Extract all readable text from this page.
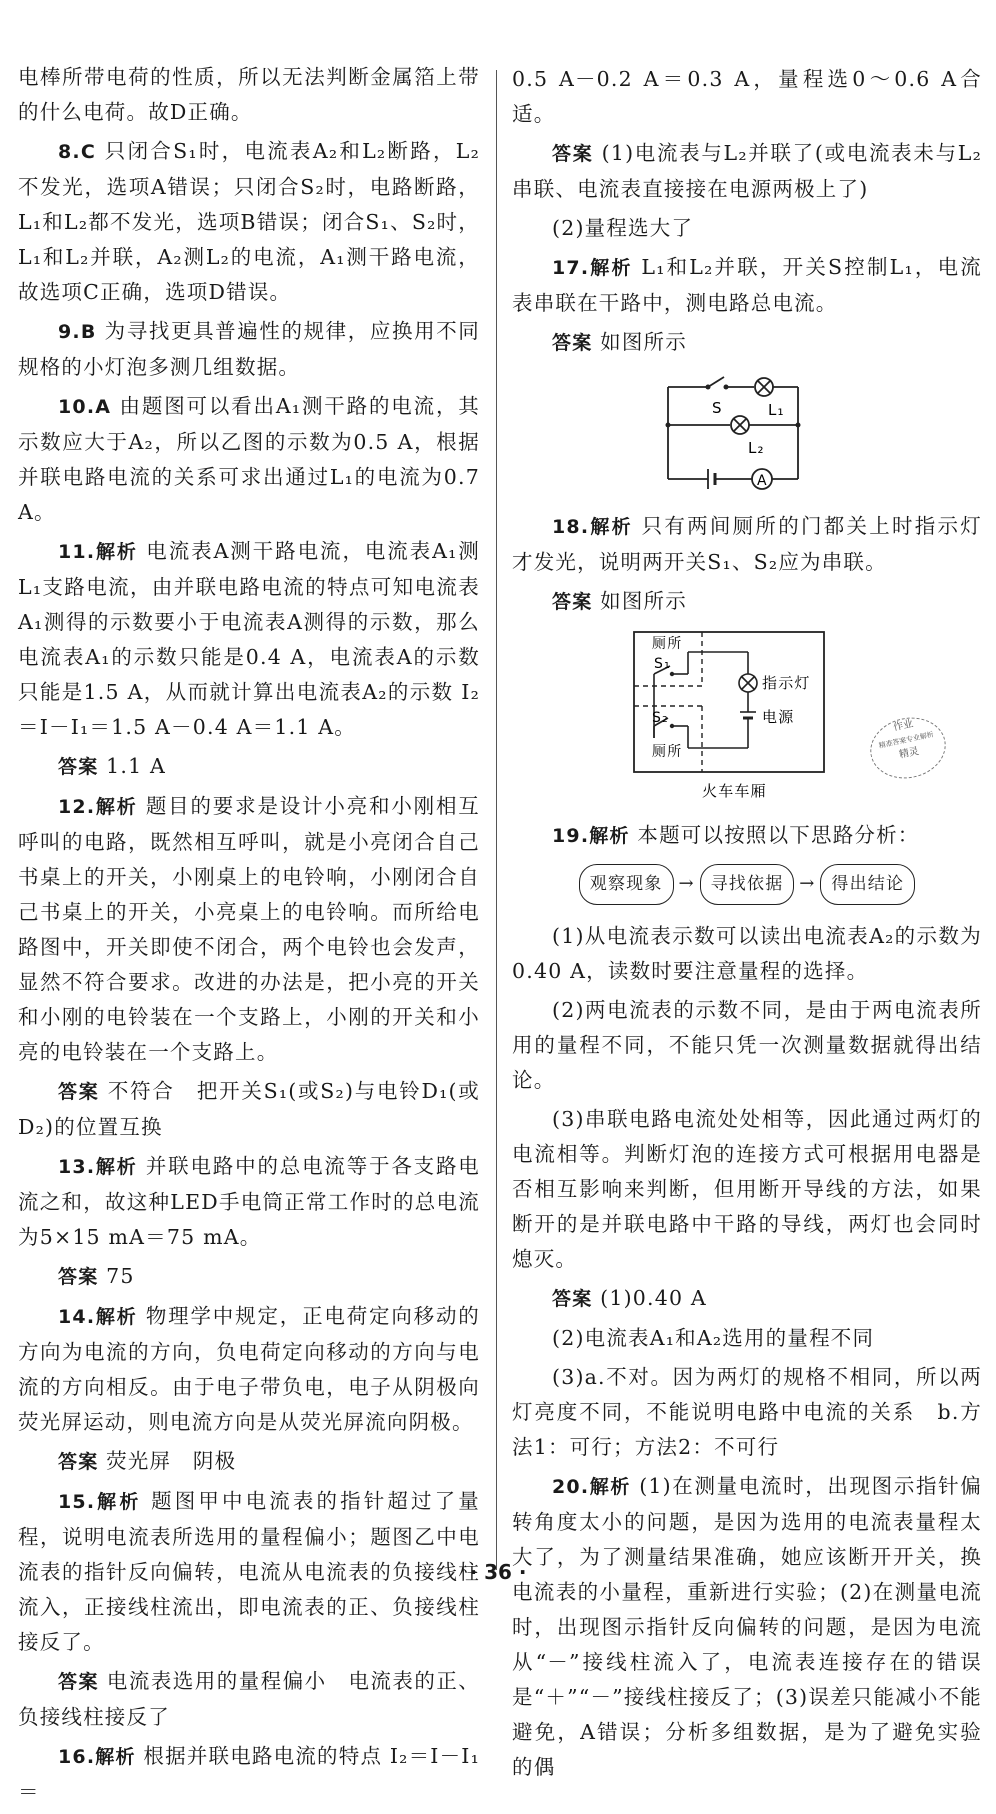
电棒所带电荷的性质，所以无法判断金属箔上带的什么电荷。故D正确。

8.C 只闭合S₁时，电流表A₂和L₂断路，L₂不发光，选项A错误；只闭合S₂时，电路断路，L₁和L₂都不发光，选项B错误；闭合S₁、S₂时，L₁和L₂并联，A₂测L₂的电流，A₁测干路电流，故选项C正确，选项D错误。

9.B 为寻找更具普遍性的规律，应换用不同规格的小灯泡多测几组数据。

10.A 由题图可以看出A₁测干路的电流，其示数应大于A₂，所以乙图的示数为0.5 A，根据并联电路电流的关系可求出通过L₁的电流为0.7 A。

11.解析 电流表A测干路电流，电流表A₁测L₁支路电流，由并联电路电流的特点可知电流表A₁测得的示数要小于电流表A测得的示数，那么电流表A₁的示数只能是0.4 A，电流表A的示数只能是1.5 A，从而就计算出电流表A₂的示数 I₂＝I－I₁＝1.5 A－0.4 A＝1.1 A。

答案 1.1 A

12.解析 题目的要求是设计小亮和小刚相互呼叫的电路，既然相互呼叫，就是小亮闭合自己书桌上的开关，小刚桌上的电铃响，小刚闭合自己书桌上的开关，小亮桌上的电铃响。而所给电路图中，开关即使不闭合，两个电铃也会发声，显然不符合要求。改进的办法是，把小亮的开关和小刚的电铃装在一个支路上，小刚的开关和小亮的电铃装在一个支路上。

答案 不符合　把开关S₁(或S₂)与电铃D₁(或D₂)的位置互换

13.解析 并联电路中的总电流等于各支路电流之和，故这种LED手电筒正常工作时的总电流为5×15 mA＝75 mA。

答案 75

14.解析 物理学中规定，正电荷定向移动的方向为电流的方向，负电荷定向移动的方向与电流的方向相反。由于电子带负电，电子从阴极向荧光屏运动，则电流方向是从荧光屏流向阴极。

答案 荧光屏　阴极

15.解析 题图甲中电流表的指针超过了量程，说明电流表所选用的量程偏小；题图乙中电流表的指针反向偏转，电流从电流表的负接线柱流入，正接线柱流出，即电流表的正、负接线柱接反了。

答案 电流表选用的量程偏小　电流表的正、负接线柱接反了

16.解析 根据并联电路电流的特点 I₂＝I－I₁＝

0.5 A－0.2 A＝0.3 A，量程选0～0.6 A合适。

答案 (1)电流表与L₂并联了(或电流表未与L₂串联、电流表直接接在电源两极上了)

(2)量程选大了

17.解析 L₁和L₂并联，开关S控制L₁，电流表串联在干路中，测电路总电流。

答案 如图所示

S	L₁
L₂
A

18.解析 只有两间厕所的门都关上时指示灯才发光，说明两开关S₁、S₂应为串联。

答案 如图所示

厕所
S₁
指示灯
S₂	电源
厕所
火车车厢

19.解析 本题可以按照以下思路分析：

观察现象 → 寻找依据 → 得出结论

(1)从电流表示数可以读出电流表A₂的示数为0.40 A，读数时要注意量程的选择。

(2)两电流表的示数不同，是由于两电流表所用的量程不同，不能只凭一次测量数据就得出结论。

(3)串联电路电流处处相等，因此通过两灯的电流相等。判断灯泡的连接方式可根据用电器是否相互影响来判断，但用断开导线的方法，如果断开的是并联电路中干路的导线，两灯也会同时熄灭。

答案 (1)0.40 A

(2)电流表A₁和A₂选用的量程不同

(3)a.不对。因为两灯的规格不相同，所以两灯亮度不同，不能说明电路中电流的关系　b.方法1：可行；方法2：不可行

20.解析 (1)在测量电流时，出现图示指针偏转角度太小的问题，是因为选用的电流表量程太大了，为了测量结果准确，她应该断开开关，换电流表的小量程，重新进行实验；(2)在测量电流时，出现图示指针反向偏转的问题，是因为电流从“－”接线柱流入了，电流表连接存在的错误是“＋”“－”接线柱接反了；(3)误差只能减小不能避免，A错误；分析多组数据，是为了避免实验的偶

作业
精准答案专业解析
精灵
· 36 ·
